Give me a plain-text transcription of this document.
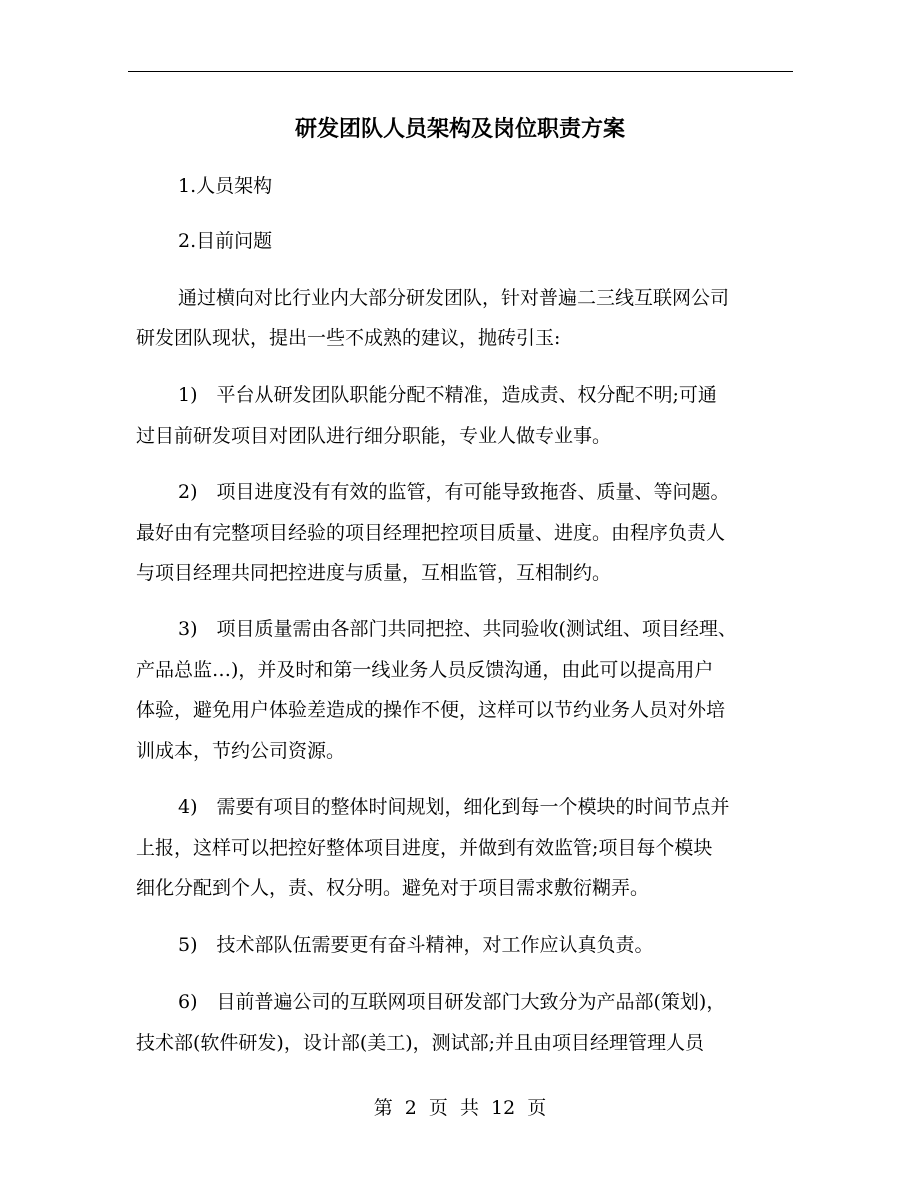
研发团队人员架构及岗位职责方案
1.人员架构
2.目前问题
通过横向对比行业内大部分研发团队，针对普遍二三线互联网公司
研发团队现状，提出一些不成熟的建议，抛砖引玉:
1)　平台从研发团队职能分配不精准，造成责、权分配不明;可通
过目前研发项目对团队进行细分职能，专业人做专业事。
2)　项目进度没有有效的监管，有可能导致拖沓、质量、等问题。
最好由有完整项目经验的项目经理把控项目质量、进度。由程序负责人
与项目经理共同把控进度与质量，互相监管，互相制约。
3)　项目质量需由各部门共同把控、共同验收(测试组、项目经理、
产品总监…)，并及时和第一线业务人员反馈沟通，由此可以提高用户
体验，避免用户体验差造成的操作不便，这样可以节约业务人员对外培
训成本，节约公司资源。
4)　需要有项目的整体时间规划，细化到每一个模块的时间节点并
上报，这样可以把控好整体项目进度，并做到有效监管;项目每个模块
细化分配到个人，责、权分明。避免对于项目需求敷衍糊弄。
5)　技术部队伍需要更有奋斗精神，对工作应认真负责。
6)　目前普遍公司的互联网项目研发部门大致分为产品部(策划)，
技术部(软件研发)，设计部(美工)，测试部;并且由项目经理管理人员
第 2 页 共 12 页
